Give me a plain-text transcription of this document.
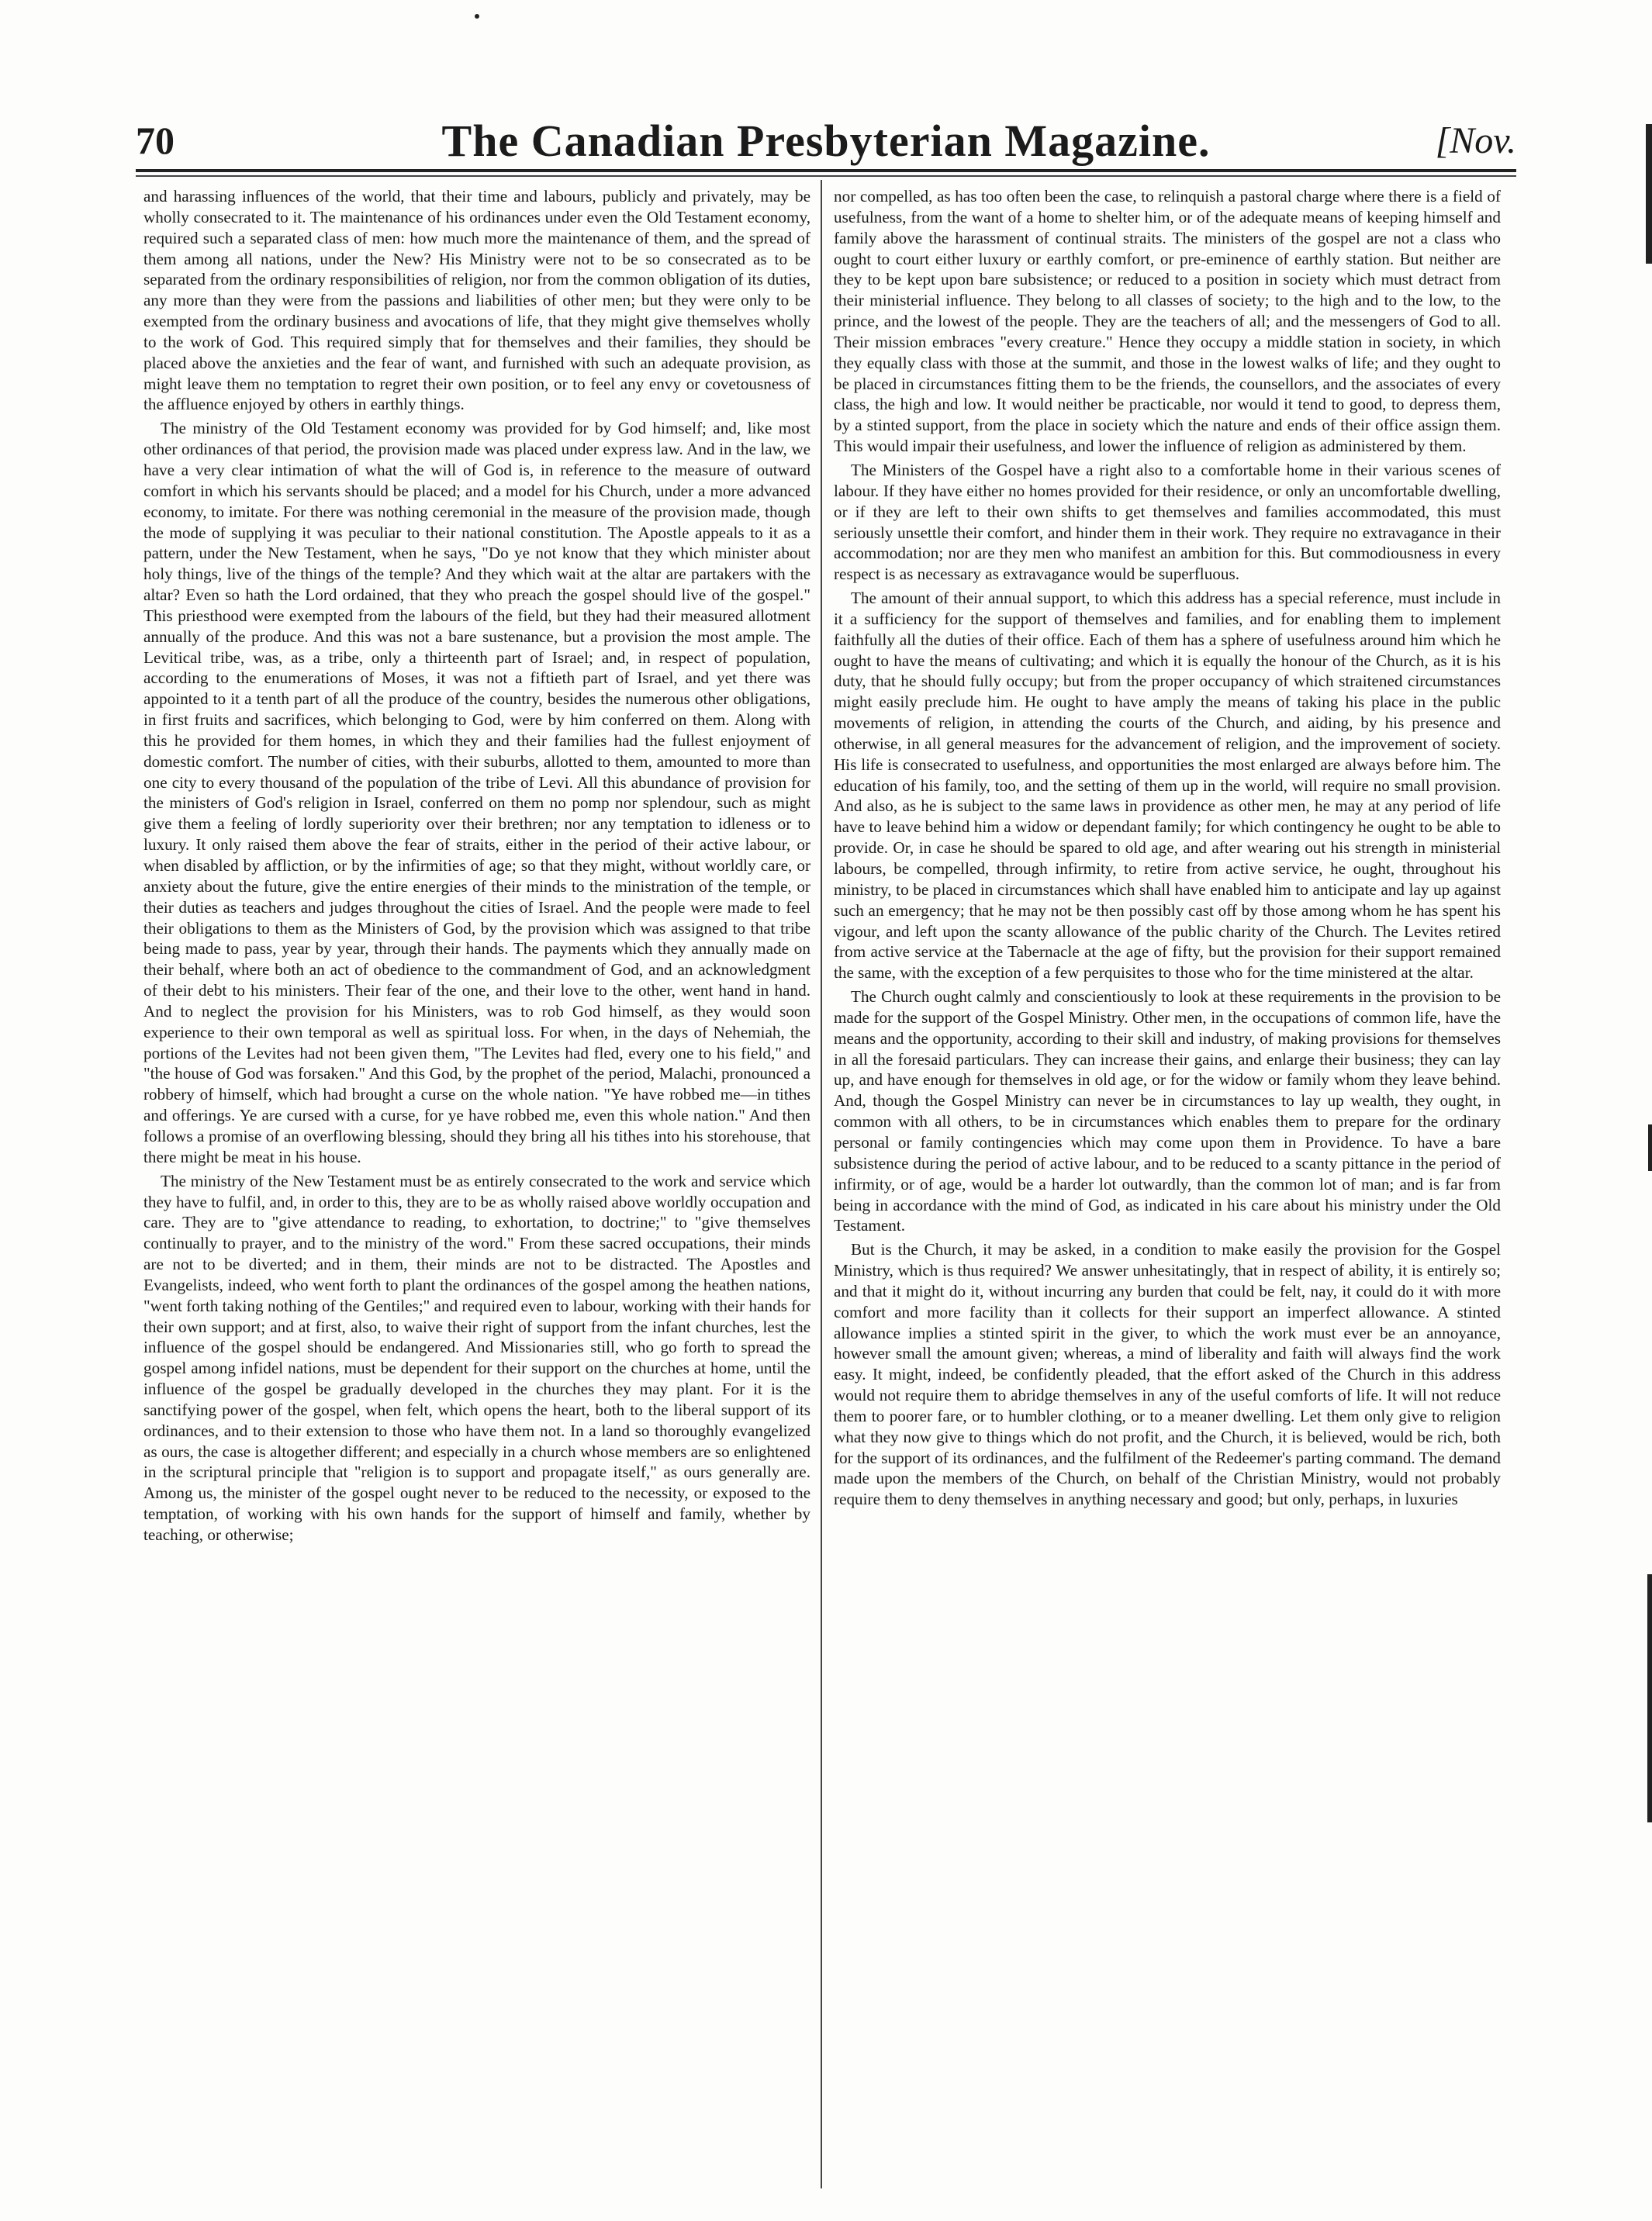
70	The Canadian Presbyterian Magazine.	[Nov.

and harassing influences of the world, that their time and labours, publicly and privately, may be wholly consecrated to it. The maintenance of his ordinances under even the Old Testament economy, required such a separated class of men: how much more the maintenance of them, and the spread of them among all nations, under the New? His Ministry were not to be so consecrated as to be separated from the ordinary responsibilities of religion, nor from the common obligation of its duties, any more than they were from the passions and liabilities of other men; but they were only to be exempted from the ordinary business and avocations of life, that they might give themselves wholly to the work of God. This required simply that for themselves and their families, they should be placed above the anxieties and the fear of want, and furnished with such an adequate provision, as might leave them no temptation to regret their own position, or to feel any envy or covetousness of the affluence enjoyed by others in earthly things.

The ministry of the Old Testament economy was provided for by God himself; and, like most other ordinances of that period, the provision made was placed under express law. And in the law, we have a very clear intimation of what the will of God is, in reference to the measure of outward comfort in which his servants should be placed; and a model for his Church, under a more advanced economy, to imitate. For there was nothing ceremonial in the measure of the provision made, though the mode of supplying it was peculiar to their national constitution. The Apostle appeals to it as a pattern, under the New Testament, when he says, "Do ye not know that they which minister about holy things, live of the things of the temple? And they which wait at the altar are partakers with the altar? Even so hath the Lord ordained, that they who preach the gospel should live of the gospel." This priesthood were exempted from the labours of the field, but they had their measured allotment annually of the produce. And this was not a bare sustenance, but a provision the most ample. The Levitical tribe, was, as a tribe, only a thirteenth part of Israel; and, in respect of population, according to the enumerations of Moses, it was not a fiftieth part of Israel, and yet there was appointed to it a tenth part of all the produce of the country, besides the numerous other obligations, in first fruits and sacrifices, which belonging to God, were by him conferred on them. Along with this he provided for them homes, in which they and their families had the fullest enjoyment of domestic comfort. The number of cities, with their suburbs, allotted to them, amounted to more than one city to every thousand of the population of the tribe of Levi. All this abundance of provision for the ministers of God's religion in Israel, conferred on them no pomp nor splendour, such as might give them a feeling of lordly superiority over their brethren; nor any temptation to idleness or to luxury. It only raised them above the fear of straits, either in the period of their active labour, or when disabled by affliction, or by the infirmities of age; so that they might, without worldly care, or anxiety about the future, give the entire energies of their minds to the ministration of the temple, or their duties as teachers and judges throughout the cities of Israel. And the people were made to feel their obligations to them as the Ministers of God, by the provision which was assigned to that tribe being made to pass, year by year, through their hands. The payments which they annually made on their behalf, where both an act of obedience to the commandment of God, and an acknowledgment of their debt to his ministers. Their fear of the one, and their love to the other, went hand in hand. And to neglect the provision for his Ministers, was to rob God himself, as they would soon experience to their own temporal as well as spiritual loss. For when, in the days of Nehemiah, the portions of the Levites had not been given them, "The Levites had fled, every one to his field," and "the house of God was forsaken." And this God, by the prophet of the period, Malachi, pronounced a robbery of himself, which had brought a curse on the whole nation. "Ye have robbed me—in tithes and offerings. Ye are cursed with a curse, for ye have robbed me, even this whole nation." And then follows a promise of an overflowing blessing, should they bring all his tithes into his storehouse, that there might be meat in his house.

The ministry of the New Testament must be as entirely consecrated to the work and service which they have to fulfil, and, in order to this, they are to be as wholly raised above worldly occupation and care. They are to "give attendance to reading, to exhortation, to doctrine;" to "give themselves continually to prayer, and to the ministry of the word." From these sacred occupations, their minds are not to be diverted; and in them, their minds are not to be distracted. The Apostles and Evangelists, indeed, who went forth to plant the ordinances of the gospel among the heathen nations, "went forth taking nothing of the Gentiles;" and required even to labour, working with their hands for their own support; and at first, also, to waive their right of support from the infant churches, lest the influence of the gospel should be endangered. And Missionaries still, who go forth to spread the gospel among infidel nations, must be dependent for their support on the churches at home, until the influence of the gospel be gradually developed in the churches they may plant. For it is the sanctifying power of the gospel, when felt, which opens the heart, both to the liberal support of its ordinances, and to their extension to those who have them not. In a land so thoroughly evangelized as ours, the case is altogether different; and especially in a church whose members are so enlightened in the scriptural principle that "religion is to support and propagate itself," as ours generally are. Among us, the minister of the gospel ought never to be reduced to the necessity, or exposed to the temptation, of working with his own hands for the support of himself and family, whether by teaching, or otherwise;

nor compelled, as has too often been the case, to relinquish a pastoral charge where there is a field of usefulness, from the want of a home to shelter him, or of the adequate means of keeping himself and family above the harassment of continual straits. The ministers of the gospel are not a class who ought to court either luxury or earthly comfort, or pre-eminence of earthly station. But neither are they to be kept upon bare subsistence; or reduced to a position in society which must detract from their ministerial influence. They belong to all classes of society; to the high and to the low, to the prince, and the lowest of the people. They are the teachers of all; and the messengers of God to all. Their mission embraces "every creature." Hence they occupy a middle station in society, in which they equally class with those at the summit, and those in the lowest walks of life; and they ought to be placed in circumstances fitting them to be the friends, the counsellors, and the associates of every class, the high and low. It would neither be practicable, nor would it tend to good, to depress them, by a stinted support, from the place in society which the nature and ends of their office assign them. This would impair their usefulness, and lower the influence of religion as administered by them.

The Ministers of the Gospel have a right also to a comfortable home in their various scenes of labour. If they have either no homes provided for their residence, or only an uncomfortable dwelling, or if they are left to their own shifts to get themselves and families accommodated, this must seriously unsettle their comfort, and hinder them in their work. They require no extravagance in their accommodation; nor are they men who manifest an ambition for this. But commodiousness in every respect is as necessary as extravagance would be superfluous.

The amount of their annual support, to which this address has a special reference, must include in it a sufficiency for the support of themselves and families, and for enabling them to implement faithfully all the duties of their office. Each of them has a sphere of usefulness around him which he ought to have the means of cultivating; and which it is equally the honour of the Church, as it is his duty, that he should fully occupy; but from the proper occupancy of which straitened circumstances might easily preclude him. He ought to have amply the means of taking his place in the public movements of religion, in attending the courts of the Church, and aiding, by his presence and otherwise, in all general measures for the advancement of religion, and the improvement of society. His life is consecrated to usefulness, and opportunities the most enlarged are always before him. The education of his family, too, and the setting of them up in the world, will require no small provision. And also, as he is subject to the same laws in providence as other men, he may at any period of life have to leave behind him a widow or dependant family; for which contingency he ought to be able to provide. Or, in case he should be spared to old age, and after wearing out his strength in ministerial labours, be compelled, through infirmity, to retire from active service, he ought, throughout his ministry, to be placed in circumstances which shall have enabled him to anticipate and lay up against such an emergency; that he may not be then possibly cast off by those among whom he has spent his vigour, and left upon the scanty allowance of the public charity of the Church. The Levites retired from active service at the Tabernacle at the age of fifty, but the provision for their support remained the same, with the exception of a few perquisites to those who for the time ministered at the altar.

The Church ought calmly and conscientiously to look at these requirements in the provision to be made for the support of the Gospel Ministry. Other men, in the occupations of common life, have the means and the opportunity, according to their skill and industry, of making provisions for themselves in all the foresaid particulars. They can increase their gains, and enlarge their business; they can lay up, and have enough for themselves in old age, or for the widow or family whom they leave behind. And, though the Gospel Ministry can never be in circumstances to lay up wealth, they ought, in common with all others, to be in circumstances which enables them to prepare for the ordinary personal or family contingencies which may come upon them in Providence. To have a bare subsistence during the period of active labour, and to be reduced to a scanty pittance in the period of infirmity, or of age, would be a harder lot outwardly, than the common lot of man; and is far from being in accordance with the mind of God, as indicated in his care about his ministry under the Old Testament.

But is the Church, it may be asked, in a condition to make easily the provision for the Gospel Ministry, which is thus required? We answer unhesitatingly, that in respect of ability, it is entirely so; and that it might do it, without incurring any burden that could be felt, nay, it could do it with more comfort and more facility than it collects for their support an imperfect allowance. A stinted allowance implies a stinted spirit in the giver, to which the work must ever be an annoyance, however small the amount given; whereas, a mind of liberality and faith will always find the work easy. It might, indeed, be confidently pleaded, that the effort asked of the Church in this address would not require them to abridge themselves in any of the useful comforts of life. It will not reduce them to poorer fare, or to humbler clothing, or to a meaner dwelling. Let them only give to religion what they now give to things which do not profit, and the Church, it is believed, would be rich, both for the support of its ordinances, and the fulfilment of the Redeemer's parting command. The demand made upon the members of the Church, on behalf of the Christian Ministry, would not probably require them to deny themselves in anything necessary and good; but only, perhaps, in luxuries
